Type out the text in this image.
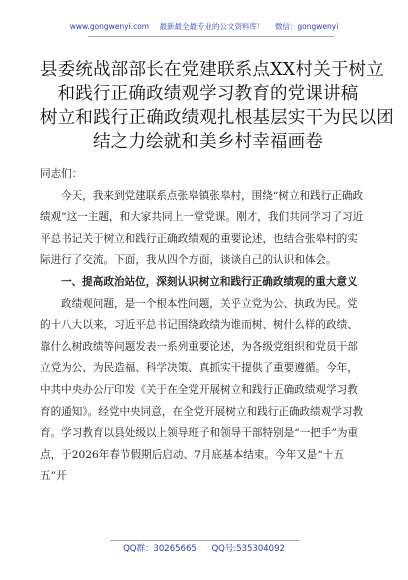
www.gongwenyi.com 最新最全最专业的公文资料库！ 微信：gongwenyi
县委统战部部长在党建联系点XX村关于树立
和践行正确政绩观学习教育的党课讲稿
树立和践行正确政绩观扎根基层实干为民以团
结之力绘就和美乡村幸福画卷

同志们：

今天，我来到党建联系点张皋镇张皋村，围绕“树立和践行正确政绩观”这一主题，和大家共同上一堂党课。刚才，我们共同学习了习近平总书记关于树立和践行正确政绩观的重要论述，也结合张皋村的实际进行了交流。下面，我从四个方面，谈谈自己的认识和体会。

一、提高政治站位，深刻认识树立和践行正确政绩观的重大意义

政绩观问题，是一个根本性问题，关乎立党为公、执政为民。党的十八大以来，习近平总书记围绕政绩为谁而树、树什么样的政绩、靠什么树政绩等问题发表一系列重要论述，为各级党组织和党员干部立党为公、为民造福、科学决策、真抓实干提供了重要遵循。今年，中共中央办公厅印发《关于在全党开展树立和践行正确政绩观学习教育的通知》。经党中央同意，在全党开展树立和践行正确政绩观学习教育。学习教育以县处级以上领导班子和领导干部特别是“一把手”为重点，于2026年春节假期后启动、7月底基本结束。今年又是“十五五”开

QQ群：30265665 QQ号:535304092
